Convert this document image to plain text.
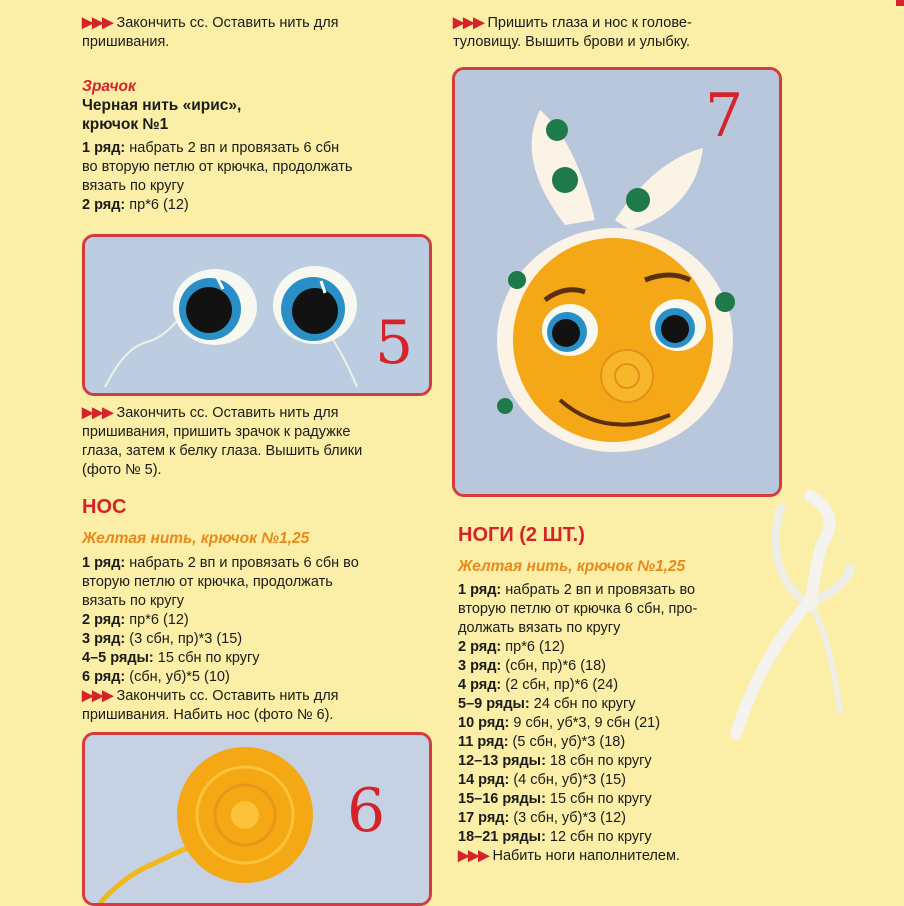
▶▶▶ Закончить сс. Оставить нить для
пришивания.
Зрачок
Черная нить «ирис»,
крючок №1
1 ряд: набрать 2 вп и провязать 6 сбн
во вторую петлю от крючка, продолжать
вязать по кругу
2 ряд: пр*6 (12)
5
▶▶▶ Закончить сс. Оставить нить для
пришивания, пришить зрачок к радужке
глаза, затем к белку глаза. Вышить блики
(фото № 5).
НОС
Желтая нить, крючок №1,25
1 ряд: набрать 2 вп и провязать 6 сбн во
вторую петлю от крючка, продолжать
вязать по кругу
2 ряд: пр*6 (12)
3 ряд: (3 сбн, пр)*3 (15)
4–5 ряды: 15 сбн по кругу
6 ряд: (сбн, уб)*5 (10)
▶▶▶ Закончить сс. Оставить нить для
пришивания. Набить нос (фото № 6).
6
▶▶▶ Пришить глаза и нос к голове-
туловищу. Вышить брови и улыбку.
7
НОГИ (2 ШТ.)
Желтая нить, крючок №1,25
1 ряд: набрать 2 вп и провязать во
вторую петлю от крючка 6 сбн, про-
должать вязать по кругу
2 ряд: пр*6 (12)
3 ряд: (сбн, пр)*6 (18)
4 ряд: (2 сбн, пр)*6 (24)
5–9 ряды: 24 сбн по кругу
10 ряд: 9 сбн, уб*3, 9 сбн (21)
11 ряд: (5 сбн, уб)*3 (18)
12–13 ряды: 18 сбн по кругу
14 ряд: (4 сбн, уб)*3 (15)
15–16 ряды: 15 сбн по кругу
17 ряд: (3 сбн, уб)*3 (12)
18–21 ряды: 12 сбн по кругу
▶▶▶ Набить ноги наполнителем.
